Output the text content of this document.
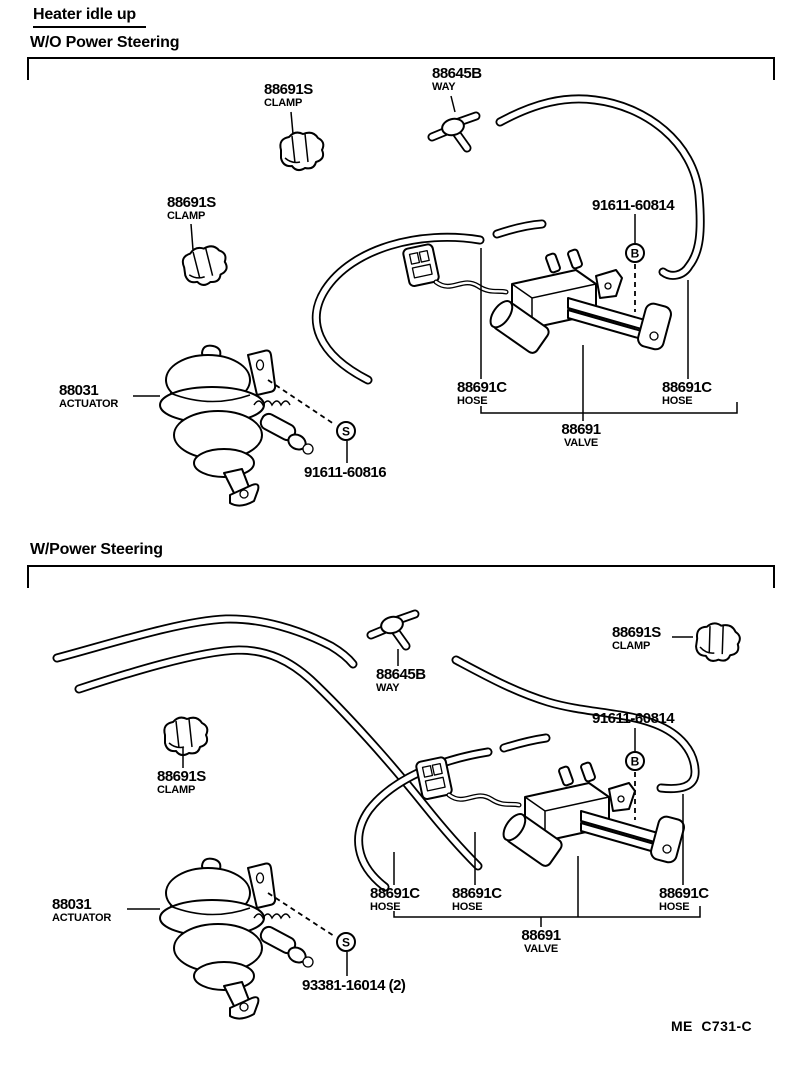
B
S
B
S
Heater idle up
W/O Power Steering
W/Power Steering
88691S
CLAMP
88645B
WAY
88691S
CLAMP
91611-60814
88691C
HOSE
88691C
HOSE
88691
VALVE
88031
ACTUATOR
91611-60816
88691S
CLAMP
88645B
WAY
88691S
CLAMP
91611-60814
88691C
HOSE
88691C
HOSE
88691C
HOSE
88691
VALVE
88031
ACTUATOR
93381-16014 (2)
ME  C731-C
